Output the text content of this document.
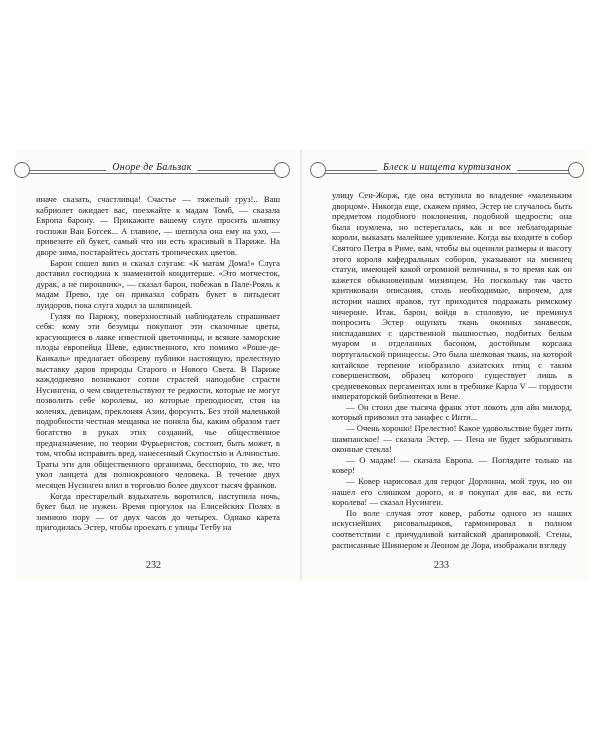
Оноре де Бальзак

иначе сказать, счастливца! Счастье — тяжелый груз!.. Ваш кабриолет ожидает вас, поезжайте к мадам Томб, — сказала Европа барону. — Прикажите вашему слуге просить шляпку госпожи Ван Богсек... А главное, — шепнула она ему на ухо, — привезите ей букет, самый что ни есть красивый в Париже. На дворе зима, постарайтесь достать тропических цветов.

Барон сошел вниз и сказал слугам: «К матам Дома!» Слуга доставил господина к знаменитой кондитерше. «Это мотчесток, дурак, а не пирошник», — сказал барон, побежав в Пале-Рояль к мадам Прево, где он приказал собрать букет в пятьдесят луидоров, пока слуга ходил за шляпницей.

Гуляя по Парижу, поверхностный наблюдатель спрашивает себя: кому эти безумцы покупают эти сказочные цветы, красующиеся в лавке известной цветочницы, и всякие заморские плоды европейца Шеве, единственного, кто помимо «Роше-де-Канкаль» предлагает обозреву публики настоящую, прелестную выставку даров природы Старого и Нового Света. В Париже каждодневно возникают сотни страстей наподобие страсти Нусингена, о чем свидетельствуют те редкости, которые не могут позволить себе королевы, но которые преподносят, стоя на коленях, девицам, преклоняя Азии, форсунть. Без этой маленькой подробности честная мещанка не поняла бы, каким образом тает богатство в руках этих созданий, чье общественное предназначение, по теории Фурьеристов, состоит, быть может, в том, чтобы исправить вред, нанесенный Скупостью и Алчностью. Траты эти для общественного организма, бесспорно, то же, что укол ланцета для полнокровного человека. В течение двух месяцев Нусинген влил в торговлю более двухсот тысяч франков.

Когда престарелый вздыхатель воротился, наступила ночь, букет был не нужен. Время прогулок на Елисейских Полях в зимнюю пору — от двух часов до четырех. Однако карета пригодилась Эстер, чтобы проехать с улицы Тетбу на

232
Блеск и нищета куртизанок

улицу Сен-Жорж, где она вступила во владение «маленьким дворцом». Никогда еще, скажем прямо, Эстер не случалось быть предметом подобного поклонения, подобной щедрости; она была изумлена, но остерегалась, как и все неблагодарные короли, выказать малейшее удивление. Когда вы входите в собор Святого Петра в Риме, вам, чтобы вы оценили размеры и высоту этого короля кафедральных соборов, указывают на мизинец статуи, имеющей какой огромной величины, в то время как он кажется обыкновенным мизинцем. Но поскольку так часто критиковали описания, столь необходимые, впрочем, для истории наших нравов, тут приходится подражать римскому чичероне. Итак, барон, войдя в столовую, не преминул попросить Эстер ощупать ткань оконных занавесок, ниспадавших с царственной пышностью, подбитых белым муаром и отделанных басоном, достойным корсажа португальской принцессы. Это была шелковая ткань, на которой китайское терпение изобразило азиатских птиц с таким совершенством, образец которого существует лишь в средневековых пергаментах или в требнике Карла V — гордости императорской библиотеки в Вене.

— Он стоил две тысяча франк этот локоть для айн милорд, который привозил эта занафес с Инти...

— Очень хорошо! Прелестно! Какое удовольствие будет пить шампанское! — сказала Эстер. — Пена не будет забрызгивать оконные стекла!

— О мадам! — сказала Европа. — Поглядите только на ковер!

— Ковер нарисовал для герцог Дорлонна, мой трук, но он нашел его слишком дорого, и я покупал для вас, ви есть королева! — сказал Нусинген.

По воле случая этот ковер, работы одного из наших искуснейших рисовальщиков, гармонировал в полном соответствии с причудливой китайской драпировкой. Стены, расписанные Шиннером и Леоном де Лора, изображали взгляду

233
